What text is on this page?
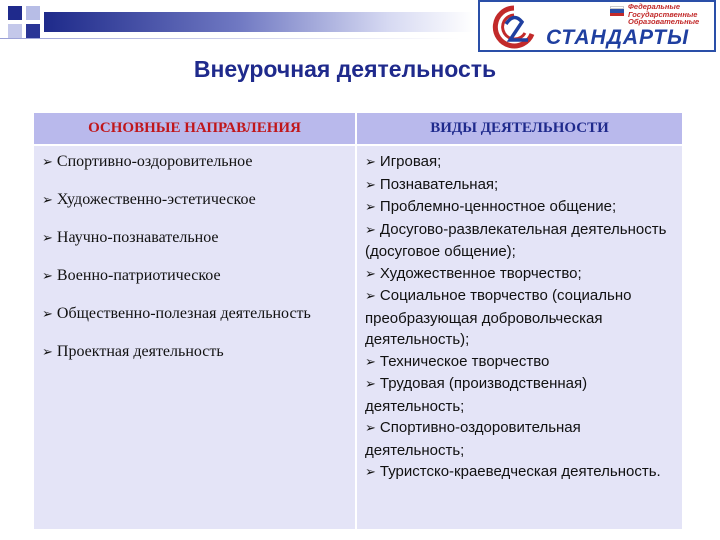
Федеральные
Государственные
Образовательные
СТАНДАРТЫ
Внеурочная деятельность
ОСНОВНЫЕ НАПРАВЛЕНИЯ	ВИДЫ ДЕЯТЕЛЬНОСТИ
➢ Спортивно-оздоровительное
➢ Художественно-эстетическое
➢ Научно-познавательное
➢ Военно-патриотическое
➢ Общественно-полезная деятельность
➢ Проектная деятельность
➢ Игровая;
➢ Познавательная;
➢ Проблемно-ценностное общение;
➢ Досугово-развлекательная деятельность (досуговое общение);
➢ Художественное творчество;
➢ Социальное творчество (социально преобразующая добровольческая деятельность);
➢ Техническое творчество
➢ Трудовая (производственная) деятельность;
➢ Спортивно-оздоровительная деятельность;
➢ Туристско-краеведческая деятельность.
